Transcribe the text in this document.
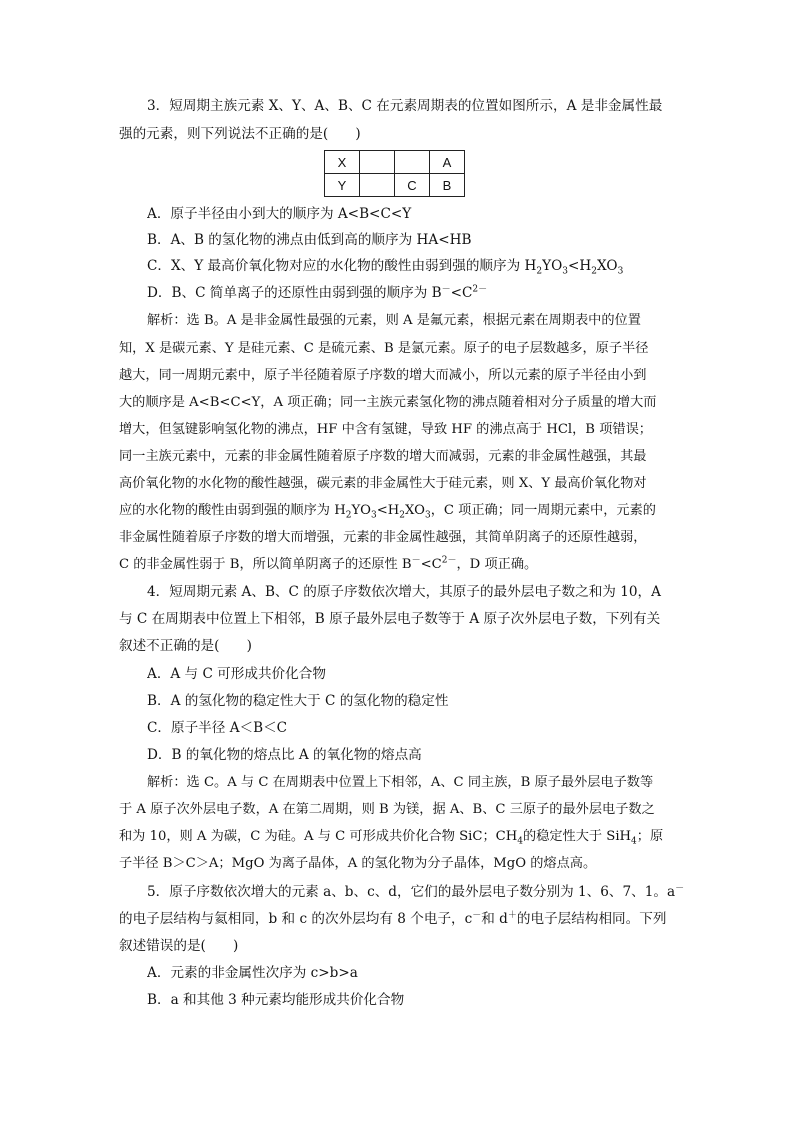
3．短周期主族元素 X、Y、A、B、C 在元素周期表的位置如图所示，A 是非金属性最
强的元素，则下列说法不正确的是(　　)
X			A
Y		C	B
A．原子半径由小到大的顺序为 A<B<C<Y
B．A、B 的氢化物的沸点由低到高的顺序为 HA<HB
C．X、Y 最高价氧化物对应的水化物的酸性由弱到强的顺序为 $H_2YO_3<H_2XO_3$
D．B、C 简单离子的还原性由弱到强的顺序为 $B^-<C^{2-}$
解析：选 B。A 是非金属性最强的元素，则 A 是氟元素，根据元素在周期表中的位置
知，X 是碳元素、Y 是硅元素、C 是硫元素、B 是氯元素。原子的电子层数越多，原子半径
越大，同一周期元素中，原子半径随着原子序数的增大而减小，所以元素的原子半径由小到
大的顺序是 A<B<C<Y，A 项正确；同一主族元素氢化物的沸点随着相对分子质量的增大而
增大，但氢键影响氢化物的沸点，HF 中含有氢键，导致 HF 的沸点高于 HCl，B 项错误；
同一主族元素中，元素的非金属性随着原子序数的增大而减弱，元素的非金属性越强，其最
高价氧化物的水化物的酸性越强，碳元素的非金属性大于硅元素，则 X、Y 最高价氧化物对
应的水化物的酸性由弱到强的顺序为 $H_2YO_3<H_2XO_3$，C 项正确；同一周期元素中，元素的
非金属性随着原子序数的增大而增强，元素的非金属性越强，其简单阴离子的还原性越弱，
C 的非金属性弱于 B，所以简单阴离子的还原性 $B^-<C^{2-}$，D 项正确。
4．短周期元素 A、B、C 的原子序数依次增大，其原子的最外层电子数之和为 10，A
与 C 在周期表中位置上下相邻，B 原子最外层电子数等于 A 原子次外层电子数，下列有关
叙述不正确的是(　　)
A．A 与 C 可形成共价化合物
B．A 的氢化物的稳定性大于 C 的氢化物的稳定性
C．原子半径 A＜B＜C
D．B 的氧化物的熔点比 A 的氧化物的熔点高
解析：选 C。A 与 C 在周期表中位置上下相邻，A、C 同主族，B 原子最外层电子数等
于 A 原子次外层电子数，A 在第二周期，则 B 为镁，据 A、B、C 三原子的最外层电子数之
和为 10，则 A 为碳，C 为硅。A 与 C 可形成共价化合物 SiC；$CH_4$的稳定性大于 SiH$_4$；原
子半径 B＞C＞A；MgO 为离子晶体，A 的氢化物为分子晶体，MgO 的熔点高。
5．原子序数依次增大的元素 a、b、c、d，它们的最外层电子数分别为 1、6、7、1。a－
的电子层结构与氦相同，b 和 c 的次外层均有 8 个电子，c－和 d＋的电子层结构相同。下列
叙述错误的是(　　)
A．元素的非金属性次序为 c>b>a
B．a 和其他 3 种元素均能形成共价化合物
